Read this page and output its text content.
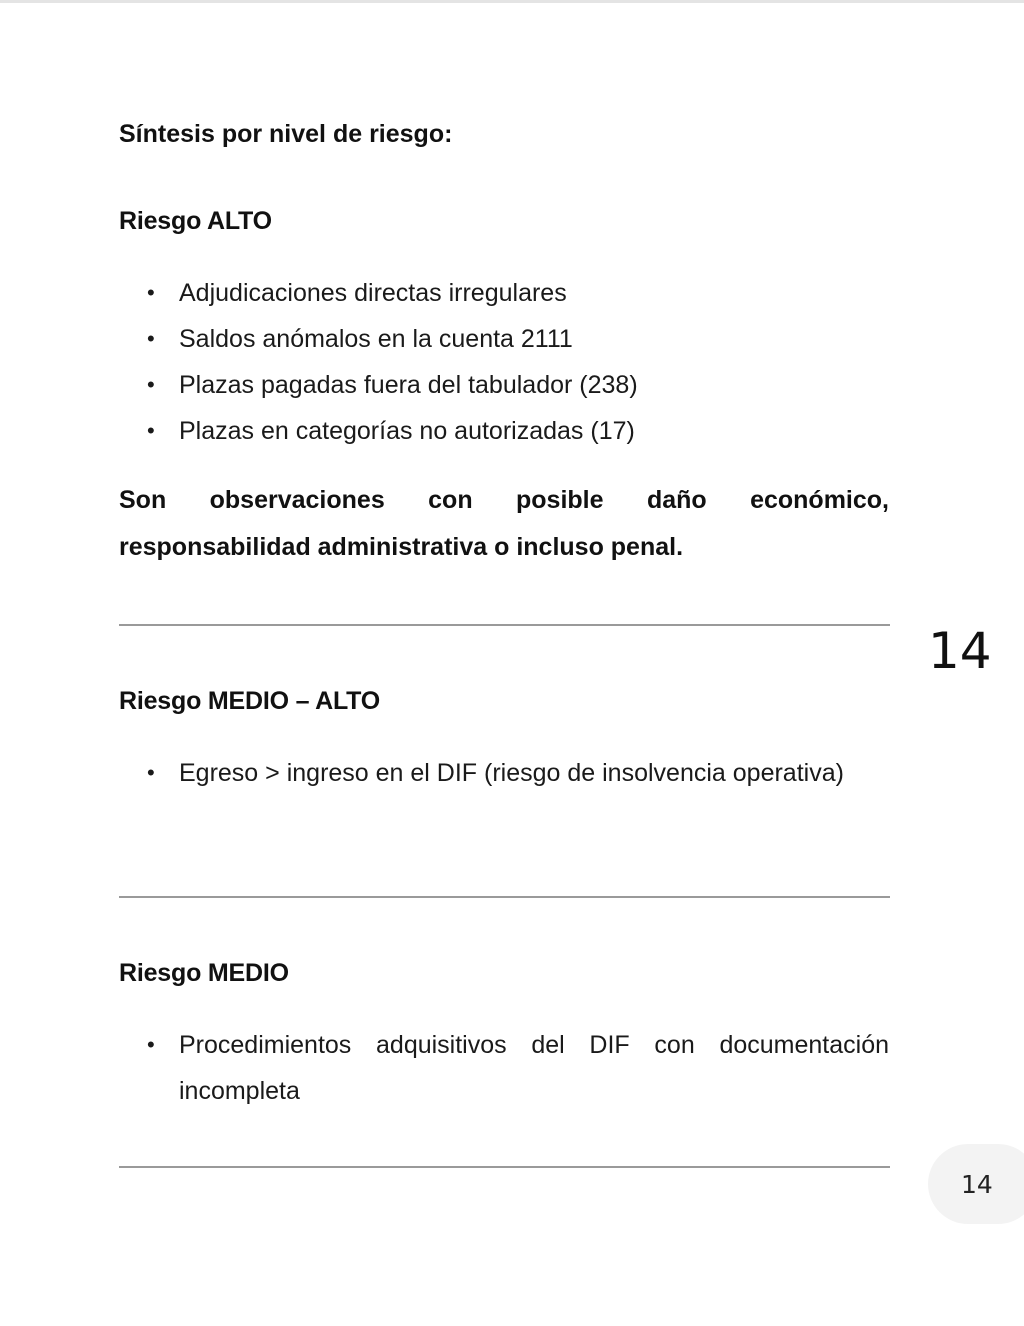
Síntesis por nivel de riesgo:
Riesgo ALTO
• Adjudicaciones directas irregulares
• Saldos anómalos en la cuenta 2111
• Plazas pagadas fuera del tabulador (238)
• Plazas en categorías no autorizadas (17)
Son observaciones con posible daño económico,
responsabilidad administrativa o incluso penal.
Riesgo MEDIO – ALTO
• Egreso > ingreso en el DIF (riesgo de insolvencia operativa)
Riesgo MEDIO
• Procedimientos adquisitivos del DIF con documentación incompleta
14
14
